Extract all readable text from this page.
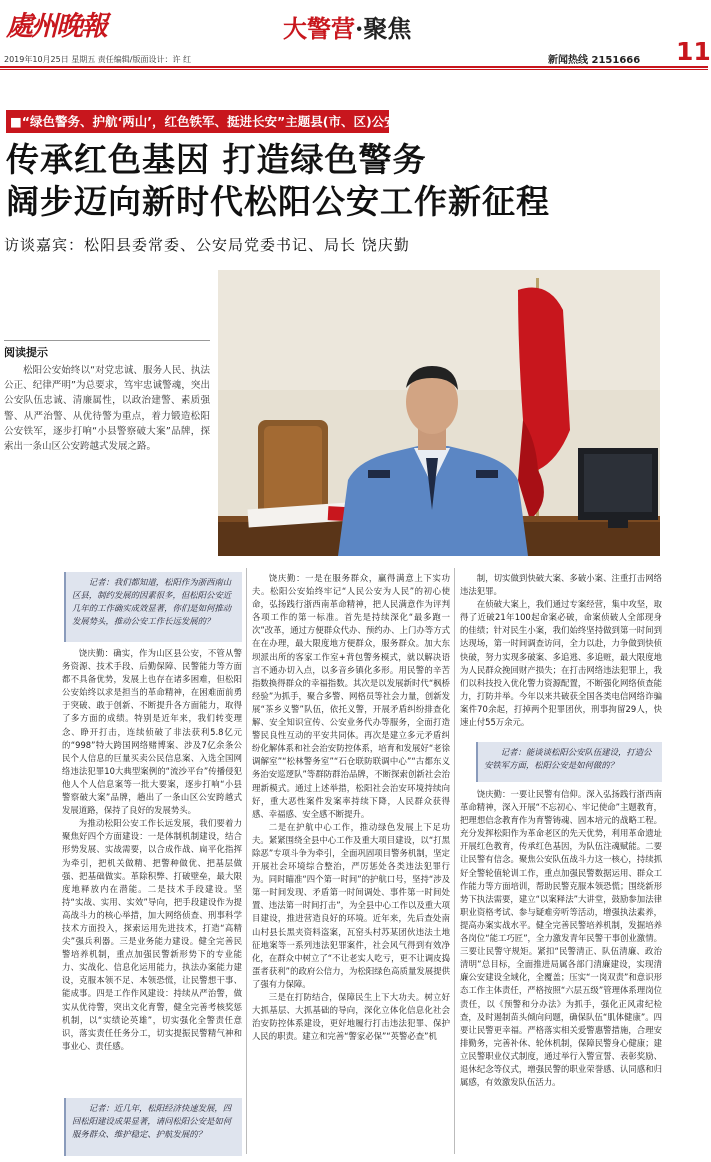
處州晚報	大警营·聚焦
11
2019年10月25日 星期五 责任编辑/版面设计：许 红	新闻热线 2151666
■“绿色警务、护航‘两山’，红色铁军、挺进长安”主题县(市、区)公安局长访谈
传承红色基因 打造绿色警务
阔步迈向新时代松阳公安工作新征程
访谈嘉宾：松阳县委常委、公安局党委书记、局长 饶庆勤
阅读提示
松阳公安始终以“对党忠诚、服务人民、执法公正、纪律严明”为总要求，笃牢忠诚警魂，突出公安队伍忠诚、清廉属性，以政治建警、素质强警、从严治警、从优待警为重点，着力锻造松阳公安铁军，逐步打响“小县警察破大案”品牌，探索出一条山区公安跨越式发展之路。
记者：我们都知道，松阳作为浙西南山区县，制约发展的因素很多，但松阳公安近几年的工作确实成效显著，你们是如何推动发展势头，推动公安工作长远发展的？

饶庆勤：确实，作为山区县公安，不管从警务资源、技术手段、后勤保障、民警能力等方面都不具备优势，发展上也存在诸多困难，但松阳公安始终以求是担当的革命精神，在困难面前勇于突破、敢于创新、不断提升各方面能力，取得了多方面的成绩。特别是近年来，我们转变理念、睁开打击，连续侦破了非法获利5.8亿元的“998”特大跨国网络赌博案、涉及7亿余条公民个人信息的巨量买卖公民信息案、入选全国网络违法犯罪10大典型案例的“流沙平台”传播侵犯他人个人信息案等一批大要案，逐步打响“小县警察破大案”品牌，趟出了一条山区公安跨越式发展道路，保持了良好的发展势头。

为推动松阳公安工作长远发展，我们要着力聚焦好四个方面建设：一是体制机制建设，结合形势发展、实战需要，以合成作战、扁平化指挥为牵引，把机关做精、把警种做优、把基层做强、把基础做实。革除积弊、打破壁垒，最大限度地释放内在潜能。二是技术手段建设。坚持“实战、实用、实效”导向，把手段建设作为提高战斗力的核心举措，加大网络侦查、刑事科学技术方面投入，探索运用先进技术，打造“高精尖”强兵利器。三是业务能力建设。健全完善民警培养机制，重点加强民警新形势下的专业能力、实战化、信息化运用能力，执法办案能力建设，克服本领不足、本领恐慌，让民警想干事、能成事。四是工作作风建设：持续从严治警，做实从优待警，突出文化育警，健全完善考核奖惩机制，以“实绩论英雄”，切实强化全警责任意识，落实责任任务分工，切实提振民警精气神和事业心、责任感。

记者：近几年，松阳经济快速发展，四回松阳建设成果显著，请问松阳公安是如何服务群众、维护稳定、护航发展的？

饶庆勤：一是在服务群众，赢得满意上下实功夫。松阳公安始终牢记“人民公安为人民”的初心使命，弘扬践行浙西南革命精神，把人民满意作为评判各项工作的第一标准。首先是持续深化“最多跑一次”改革，通过方便群众代办、预约办、上门办等方式在在办理，最大限度地方便群众，服务群众。加大东坝派出所的客家工作室+背包警务模式，就以解决语言不通办切入点，以多音乡镇化多形。用民警的辛苦指数换得群众的幸福指数。其次是以发展新时代“枫桥经验”为抓手，聚合多警、网格员等社会力量，创新发展“茶乡义警”队伍，依托义警，开展矛盾纠纷排查化解、安全知识宣传、公安业务代办等服务，全面打造警民良性互动的平安共同体。再次是建立多元矛盾纠纷化解体系和社会治安防控体系，培育和发展好“老徐调解室”“松林警务室”“石仓联防联调中心”“古都东义务治安巡逻队”等群防群治品牌，不断探索创新社会治理新模式。通过上述举措，松阳社会治安环境持续向好，重大恶性案件发案率持续下降，人民群众获得感、幸福感、安全感不断提升。

二是在护航中心工作，推动绿色发展上下足功夫。紧紧围绕全县中心工作及重大项目建设，以“打黑除恶”专项斗争为牵引，全面巩固项目警务机制，坚定开展社会环境综合整治，严厉惩处各类违法犯罪行为。同时瞄准“四个第一时间”的护航口号，坚持“涉及第一时间发现、矛盾第一时间调处、事件第一时间处置、违法第一时间打击”，为全县中心工作以及重大项目建设，推进营造良好的环境。近年来，先后查处南山村县长黑夹资料盗案，瓦窑头村苏某团伙违法土地征地案等一系列违法犯罪案件，社会风气得到有效净化，在群众中树立了“不让老实人吃亏，更不让调皮捣蛋者获利”的政府公信力，为松阳绿色高质量发展提供了强有力保障。

三是在打防结合，保障民生上下大功夫。树立好大抓基层、大抓基础的导向，深化立体化信息化社会治安防控体系建设，更好地履行打击违法犯罪、保护人民的职责。建立和完善“警家必保”“英警必查”机

制，切实做到快破大案、多破小案、注重打击网络违法犯罪。

在侦破大案上，我们通过专案经营，集中攻坚，取得了近破21年100起命案必破，命案侦破人全部现身的佳绩；针对民生小案，我们始终坚持做到第一时间到达现场，第一时间调查访问，全力以赴，力争做到快侦快破，努力实现多破案、多追逃、多追赃，最大限度地为人民群众挽回财产损失；在打击网络违法犯罪上，我们以科技投入优化警力资源配置，不断强化网络侦查能力，打防并举。今年以来共破获全国各类电信网络诈骗案件70余起，打掉两个犯罪团伙，刑事拘留29人，快速止付55万余元。

记者：能谈谈松阳公安队伍建设，打造公安铁军方面，松阳公安是如何做的？

饶庆勤：一要让民警有信仰。深入弘扬践行浙西南革命精神，深入开展“不忘初心、牢记使命”主题教育，把理想信念教育作为育警铸魂、固本培元的战略工程。充分发挥松阳作为革命老区的先天优势，利用革命遗址开展红色教育，传承红色基因，为队伍注魂赋能。二要让民警有信念。聚焦公安队伍战斗力这一核心，持续抓好全警轮值轮训工作，重点加强民警数据运用、群众工作能力等方面培训，帮助民警克服本领恐慌；围绕新形势下执法需要，建立“以案释法”大讲堂，鼓励参加法律职业资格考试、参与疑难旁听等活动，增强执法素养，提高办案实战水平。健全完善民警培养机制，发掘培养各岗位“能工巧匠”，全力激发青年民警干事创业激情。三要让民警守规矩。紧扣“民警清正、队伍清廉、政治清明”总目标，全面推进局属各部门清廉建设，实现清廉公安建设全域化，全覆盖；压实“一岗双责”和意识形态工作主体责任，严格按照“六层五级”管理体系理岗位责任，以《预警和分办法》为抓手，强化正风肃纪检查，及时遏制苗头倾向问题，确保队伍“肌体健康”。四要让民警更幸福。严格落实相关爱警惠警措施，合理安排勤务，完善补休、轮休机制，保障民警身心健康；建立民警职业仪式制度，通过举行入警宣誓、表彰奖励、退休纪念等仪式，增强民警的职业荣誉感、认同感和归属感，有效激发队伍活力。
